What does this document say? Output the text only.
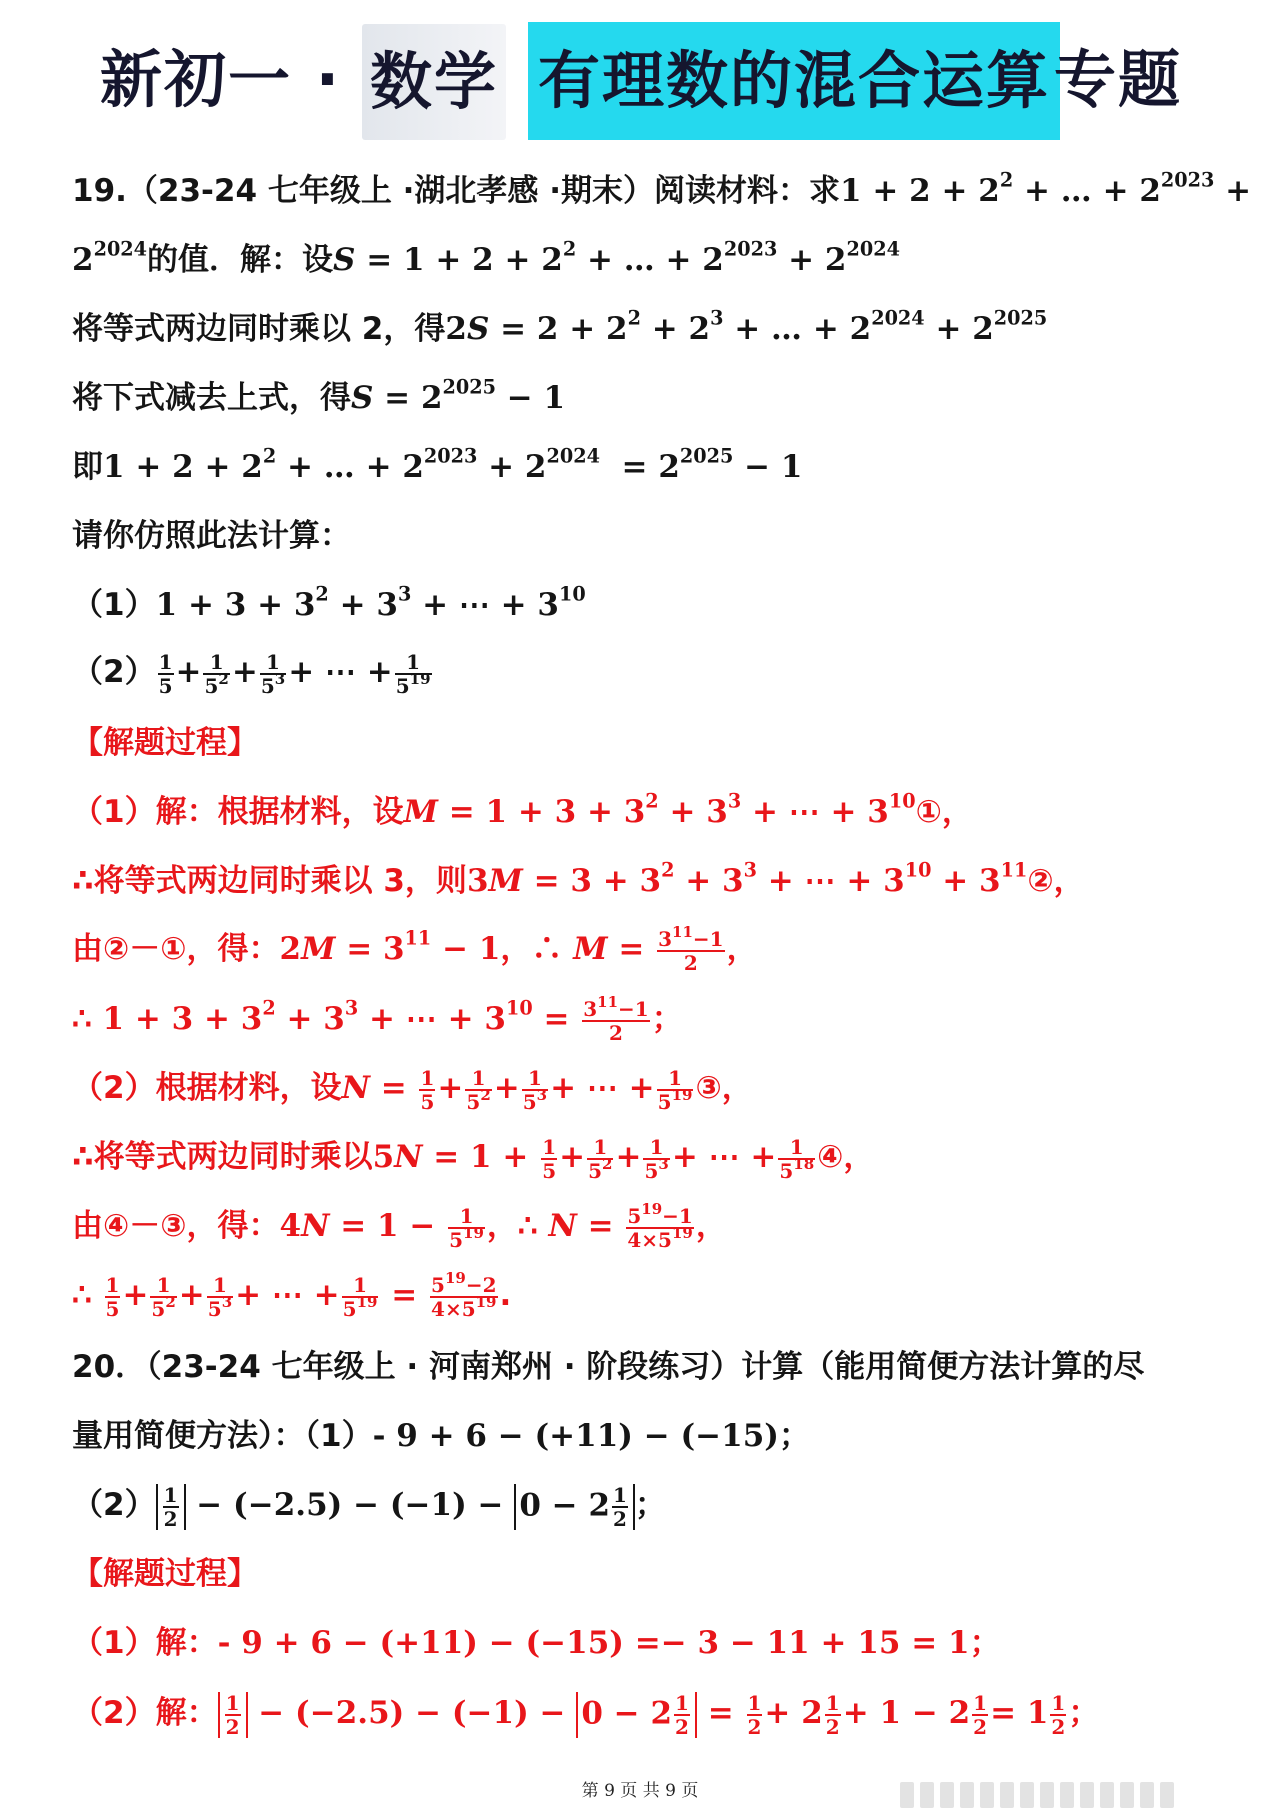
新初一 · 数学 有理数的混合运算 专题
19.（23-24 七年级上 ·湖北孝感 ·期末）阅读材料：求$1 + 2 + 2^2$ + … + $2^{2023}$ +
$2^{2024}$的值．解：设$S = 1 + 2 + 2^2$ + … + $2^{2023} + 2^{2024}$
将等式两边同时乘以 2，得$2S = 2 + 2^2 + 2^3$ + … + $2^{2024} + 2^{2025}$
将下式减去上式，得$S = 2^{2025} - 1$
即$1 + 2 + 2^2$ + … + $2^{2023} + 2^{2024} = 2^{2025} - 1$
请你仿照此法计算：
$(1)1 + 3 + 3^2 + 3^3$ + ⋯ + $3^{10}$
$(2) \frac{1}{5} + \frac{1}{5^2} + \frac{1}{5^3}$ + ⋯ + $\frac{1}{5^{19}}$
【解题过程】
（1）解：根据材料，设$M = 1 + 3 + 3^2 + 3^3$ + ⋯ + $3^{10}①$，
∴将等式两边同时乘以 3，则$3M = 3 + 3^2 + 3^3$ + ⋯ + $3^{10}$ + $3^{11}②$，
由②－①，得：$2M = 3^{11} - 1$，∴ $M = \frac{3^{11}-1}{2}$ ，
∴ $1 + 3 + 3^2 + 3^3$ + ⋯ + $3^{10} = \frac{3^{11}-1}{2}$ ；
（2）根据材料，设$N = \frac{1}{5} + \frac{1}{5^2} + \frac{1}{5^3}$ + ⋯ + $\frac{1}{5^{19}}$ ③，
∴将等式两边同时乘以$5N = 1 + \frac{1}{5} + \frac{1}{5^2} + \frac{1}{5^3}$ + ⋯ + $\frac{1}{5^{18}}$ ④，
由④－③，得：$4N = 1 - \frac{1}{5^{19}}$ ，∴ $N = \frac{5^{19}-1}{4\times 5^{19}}$ ，
∴ $\frac{1}{5} + \frac{1}{5^2} + \frac{1}{5^3}$ + ⋯ + $\frac{1}{5^{19}} = \frac{5^{19}-2}{4\times 5^{19}}$ .
20．（23-24 七年级上 · 河南郑州 · 阶段练习）计算（能用简便方法计算的尽
量用简便方法）：（1）- 9 + 6 − (+11) − (−15)；
$(2) \frac{1}{2} - (-2.5) - (-1) - 0 - 2 \frac{1}{2}$ ；
【解题过程】
（1）解：- 9 + 6 − (+11) − (−15) =− 3 − 11 + 15 = 1；
（2）解： $\frac{1}{2} - (-2.5) - (-1) - 0 - 2 \frac{1}{2} = \frac{1}{2} + 2 \frac{1}{2} + 1 - 2 \frac{1}{2} = 1 \frac{1}{2}$ ；
第 9 页 共 9 页
